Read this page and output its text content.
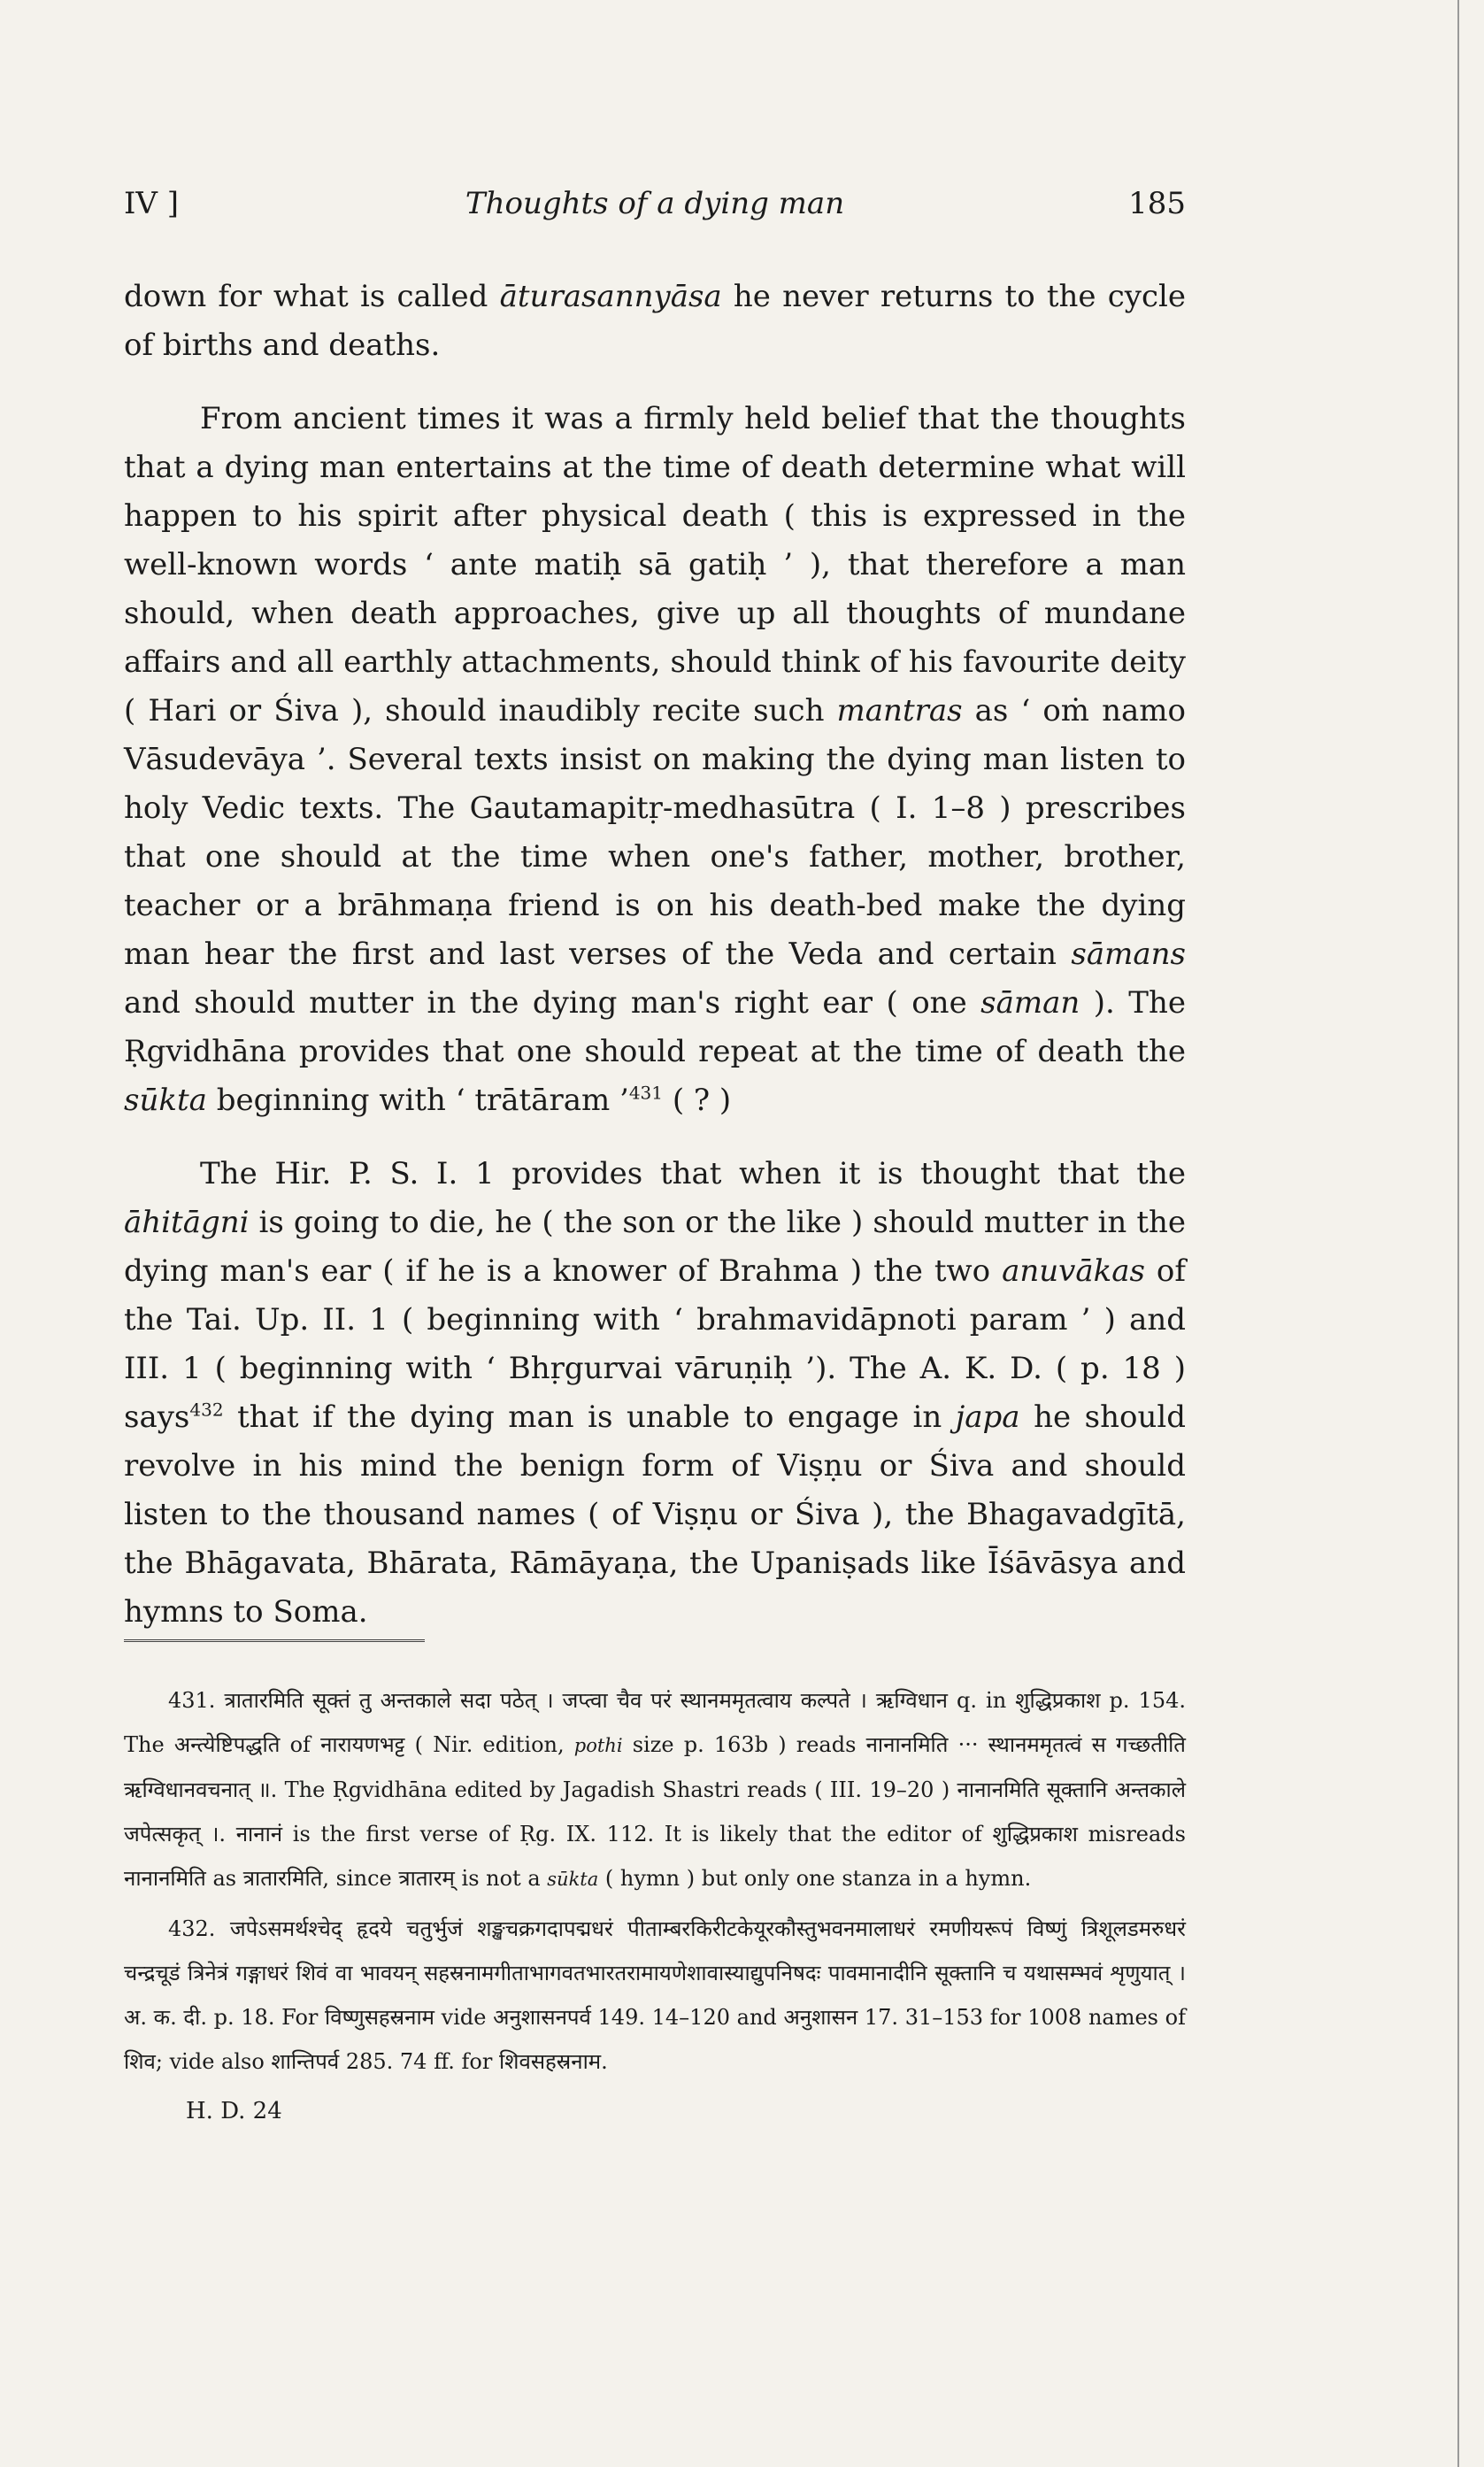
IV ]	Thoughts of a dying man	185

down for what is called āturasannyāsa he never returns to the cycle of births and deaths.

From ancient times it was a firmly held belief that the thoughts that a dying man entertains at the time of death determine what will happen to his spirit after physical death ( this is expressed in the well-known words ‘ ante matiḥ sā gatiḥ ’ ), that therefore a man should, when death approaches, give up all thoughts of mundane affairs and all earthly attachments, should think of his favourite deity ( Hari or Śiva ), should inaudibly recite such mantras as ‘ oṁ namo Vāsudevāya ’. Several texts insist on making the dying man listen to holy Vedic texts. The Gautamapitṛ-medhasūtra ( I. 1–8 ) prescribes that one should at the time when one's father, mother, brother, teacher or a brāhmaṇa friend is on his death-bed make the dying man hear the first and last verses of the Veda and certain sāmans and should mutter in the dying man's right ear ( one sāman ). The Ṛgvidhāna provides that one should repeat at the time of death the sūkta beginning with ‘ trātāram ’$^{431}$ ( ? )

The Hir. P. S. I. 1 provides that when it is thought that the āhitāgni is going to die, he ( the son or the like ) should mutter in the dying man's ear ( if he is a knower of Brahma ) the two anuvākas of the Tai. Up. II. 1 ( beginning with ‘ brahmavidāpnoti param ’ ) and III. 1 ( beginning with ‘ Bhṛgurvai vāruṇiḥ ’). The A. K. D. ( p. 18 ) says$^{432}$ that if the dying man is unable to engage in japa he should revolve in his mind the benign form of Viṣṇu or Śiva and should listen to the thousand names ( of Viṣṇu or Śiva ), the Bhagavadgītā, the Bhāgavata, Bhārata, Rāmāyaṇa, the Upaniṣads like Īśāvāsya and hymns to Soma.

431. त्रातारमिति सूक्तं तु अन्तकाले सदा पठेत् । जप्त्वा चैव परं स्थानममृतत्वाय कल्पते । ऋग्विधान q. in शुद्धिप्रकाश p. 154. The अन्त्येष्टिपद्धति of नारायणभट्ट ( Nir. edition, pothi size p. 163b ) reads नानानमिति ··· स्थानममृतत्वं स गच्छतीति ऋग्विधानवचनात् ॥. The Ṛgvidhāna edited by Jagadish Shastri reads ( III. 19–20 ) नानानमिति सूक्तानि अन्तकाले जपेत्सकृत् ।. नानानं is the first verse of Ṛg. IX. 112. It is likely that the editor of शुद्धिप्रकाश misreads नानानमिति as त्रातारमिति, since त्रातारम् is not a sūkta ( hymn ) but only one stanza in a hymn.

432. जपेऽसमर्थश्चेद् हृदये चतुर्भुजं शङ्खचक्रगदापद्मधरं पीताम्बरकिरीटकेयूरकौस्तुभवनमालाधरं रमणीयरूपं विष्णुं त्रिशूलडमरुधरं चन्द्रचूडं त्रिनेत्रं गङ्गाधरं शिवं वा भावयन् सहस्रनामगीताभागवतभारतरामायणेशावास्याद्युपनिषदः पावमानादीनि सूक्तानि च यथासम्भवं शृणुयात् । अ. क. दी. p. 18. For विष्णुसहस्रनाम vide अनुशासनपर्व 149. 14–120 and अनुशासन 17. 31–153 for 1008 names of शिव; vide also शान्तिपर्व 285. 74 ff. for शिवसहस्रनाम.

H. D. 24
